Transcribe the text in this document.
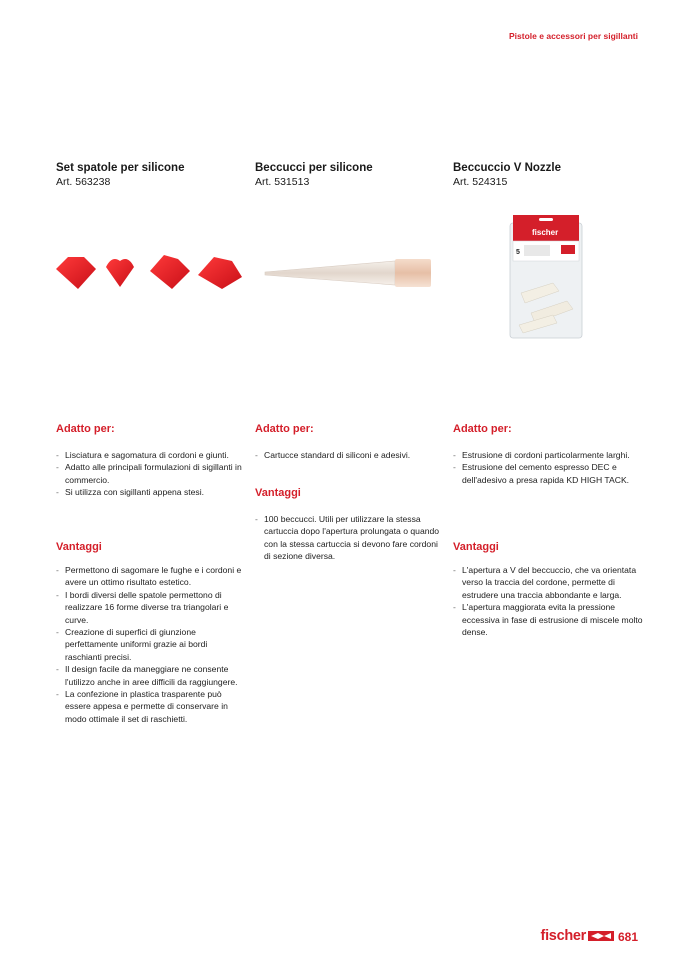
Pistole e accessori per sigillanti

Set spatole per silicone

Art. 563238

Adatto per:
- Lisciatura e sagomatura di cordoni e giunti.
- Adatto alle principali formulazioni di sigillanti in commercio.
- Si utilizza con sigillanti appena stesi.
Vantaggi
- Permettono di sagomare le fughe e i cordoni e avere un ottimo risultato estetico.
- I bordi diversi delle spatole permettono di realizzare 16 forme diverse tra triangolari e curve.
- Creazione di superfici di giunzione perfettamente uniformi grazie ai bordi raschianti precisi.
- Il design facile da maneggiare ne consente l'utilizzo anche in aree difficili da raggiungere.
- La confezione in plastica trasparente può essere appesa e permette di conservare in modo ottimale il set di raschietti.

Beccucci per silicone

Art. 531513

Adatto per:
- Cartucce standard di siliconi e adesivi.
Vantaggi
- 100 beccucci. Utili per utilizzare la stessa cartuccia dopo l'apertura prolungata o quando con la stessa cartuccia si devono fare cordoni di sezione diversa.

Beccuccio V Nozzle

Art. 524315

fischer
5
Adatto per:
- Estrusione di cordoni particolarmente larghi.
- Estrusione del cemento espresso DEC e dell'adesivo a presa rapida KD HIGH TACK.
Vantaggi
- L'apertura a V del beccuccio, che va orientata verso la traccia del cordone, permette di estrudere una traccia abbondante e larga.
- L'apertura maggiorata evita la pressione eccessiva in fase di estrusione di miscele molto dense.
fischer	681
